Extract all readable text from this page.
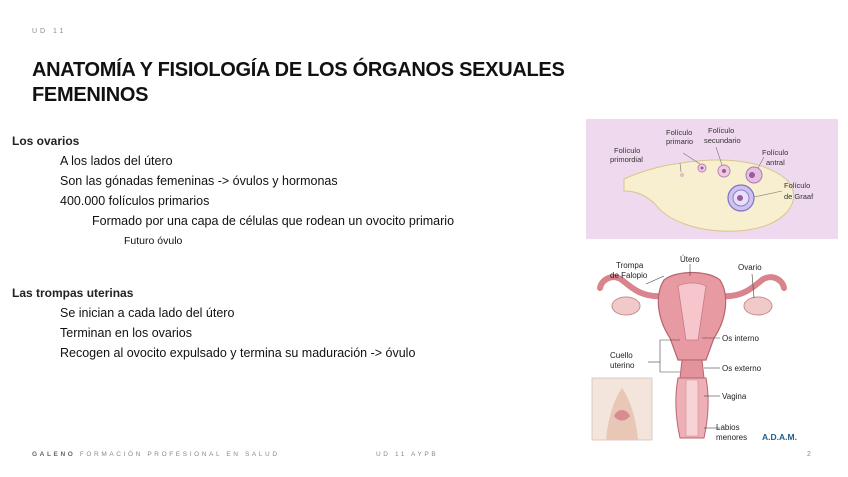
UD 11
ANATOMÍA Y FISIOLOGÍA DE LOS ÓRGANOS SEXUALES FEMENINOS
Los ovarios
• A los lados del útero
• Son las gónadas femeninas -> óvulos y hormonas
• 400.000 folículos primarios
• Formado por una capa de células que rodean un ovocito primario
• Futuro óvulo
Las trompas uterinas
• Se inician a cada lado del útero
• Terminan en los ovarios
• Recogen al ovocito expulsado y termina su maduración -> óvulo
Folículo
primordial
Folículo
primario
Folículo
secundario
Folículo
antral
Folículo
de Graaf
Trompa
de Falopio
Útero
Ovario
Os interno
Cuello
uterino	Os externo
Vagina
Labios
menores A.D.A.M.
GALENO FORMACIÓN PROFESIONAL EN SALUD	UD 11 AYPB	2
